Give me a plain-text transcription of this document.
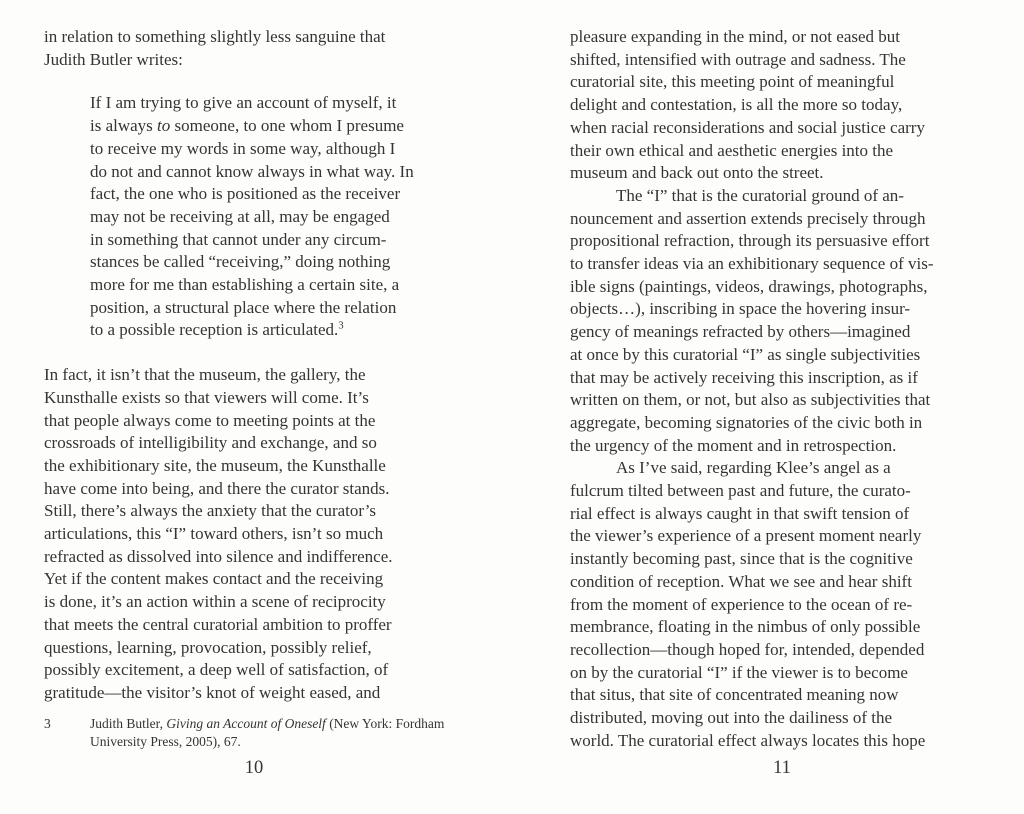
in relation to something slightly less sanguine that
Judith Butler writes:
If I am trying to give an account of myself, it
is always to someone, to one whom I presume
to receive my words in some way, although I
do not and cannot know always in what way. In
fact, the one who is positioned as the receiver
may not be receiving at all, may be engaged
in something that cannot under any circum-
stances be called “receiving,” doing nothing
more for me than establishing a certain site, a
position, a structural place where the relation
to a possible reception is articulated.$^3$
In fact, it isn’t that the museum, the gallery, the
Kunsthalle exists so that viewers will come. It’s
that people always come to meeting points at the
crossroads of intelligibility and exchange, and so
the exhibitionary site, the museum, the Kunsthalle
have come into being, and there the curator stands.
Still, there’s always the anxiety that the curator’s
articulations, this “I” toward others, isn’t so much
refracted as dissolved into silence and indifference.
Yet if the content makes contact and the receiving
is done, it’s an action within a scene of reciprocity
that meets the central curatorial ambition to proffer
questions, learning, provocation, possibly relief,
possibly excitement, a deep well of satisfaction, of
gratitude—the visitor’s knot of weight eased, and
3	Judith Butler, Giving an Account of Oneself (New York: Fordham
University Press, 2005), 67.
pleasure expanding in the mind, or not eased but
shifted, intensified with outrage and sadness. The
curatorial site, this meeting point of meaningful
delight and contestation, is all the more so today,
when racial reconsiderations and social justice carry
their own ethical and aesthetic energies into the
museum and back out onto the street.
The “I” that is the curatorial ground of an-
nouncement and assertion extends precisely through
propositional refraction, through its persuasive effort
to transfer ideas via an exhibitionary sequence of vis-
ible signs (paintings, videos, drawings, photographs,
objects…), inscribing in space the hovering insur-
gency of meanings refracted by others—imagined
at once by this curatorial “I” as single subjectivities
that may be actively receiving this inscription, as if
written on them, or not, but also as subjectivities that
aggregate, becoming signatories of the civic both in
the urgency of the moment and in retrospection.
As I’ve said, regarding Klee’s angel as a
fulcrum tilted between past and future, the curato-
rial effect is always caught in that swift tension of
the viewer’s experience of a present moment nearly
instantly becoming past, since that is the cognitive
condition of reception. What we see and hear shift
from the moment of experience to the ocean of re-
membrance, floating in the nimbus of only possible
recollection—though hoped for, intended, depended
on by the curatorial “I” if the viewer is to become
that situs, that site of concentrated meaning now
distributed, moving out into the dailiness of the
world. The curatorial effect always locates this hope
10	11
